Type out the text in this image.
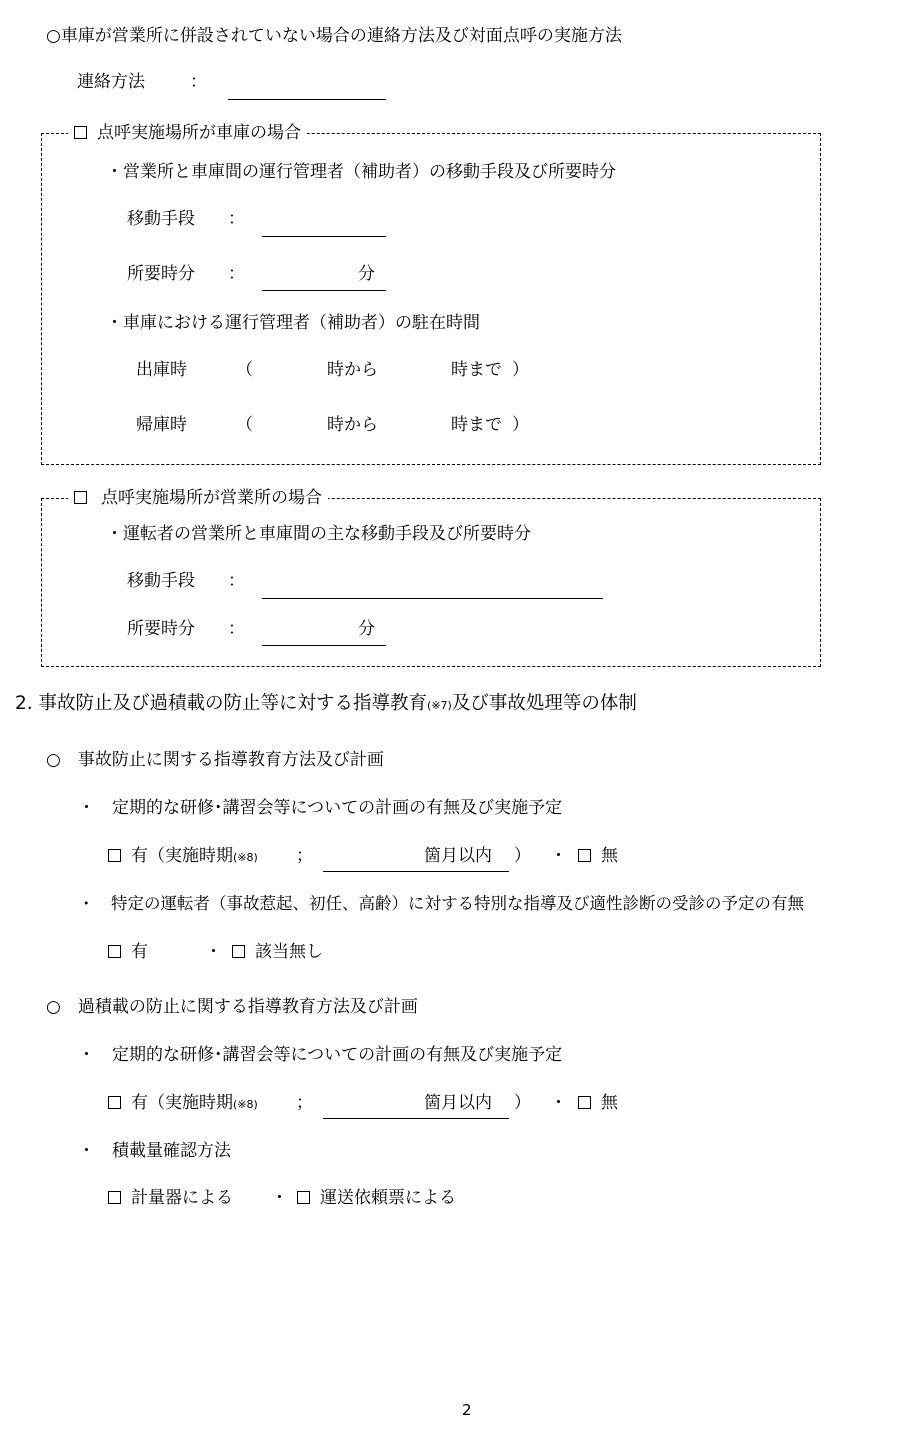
○車庫が営業所に併設されていない場合の連絡方法及び対面点呼の実施方法
連絡方法	：
点呼実施場所が車庫の場合
・営業所と車庫間の運行管理者（補助者）の移動手段及び所要時分
移動手段 ：
所要時分 ：	分
・車庫における運行管理者（補助者）の駐在時間
出庫時	（	時から	時まで ）
帰庫時	（	時から	時まで ）
点呼実施場所が営業所の場合
・運転者の営業所と車庫間の主な移動手段及び所要時分
移動手段 ：
所要時分 ：	分
2. 事故防止及び過積載の防止等に対する指導教育(※7)及び事故処理等の体制
○　事故防止に関する指導教育方法及び計画
・　定期的な研修･講習会等についての計画の有無及び実施予定
有（実施時期(※8) ；	箇月以内 ） ・	無
・　特定の運転者（事故惹起、初任、高齢）に対する特別な指導及び適性診断の受診の予定の有無
有	・	該当無し
○　過積載の防止に関する指導教育方法及び計画
・　定期的な研修･講習会等についての計画の有無及び実施予定
有（実施時期(※8) ；	箇月以内 ） ・	無
・　積載量確認方法
計量器による ・	運送依頼票による
2
